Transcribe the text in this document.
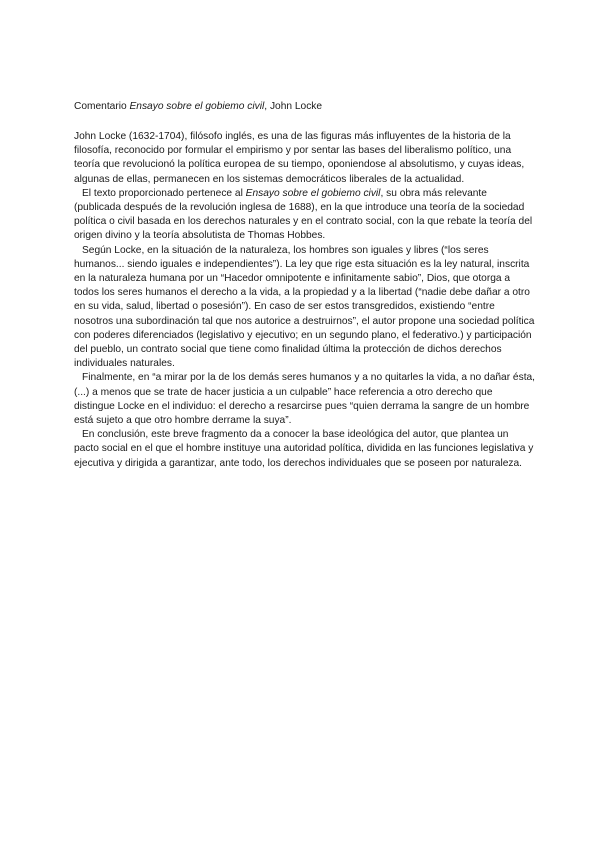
Comentario Ensayo sobre el gobiemo civil, John Locke

John Locke (1632-1704), filósofo inglés, es una de las figuras más influyentes de la historia de la filosofía, reconocido por formular el empirismo y por sentar las bases del liberalismo político, una teoría que revolucionó la política europea de su tiempo, oponiendose al absolutismo, y cuyas ideas, algunas de ellas, permanecen en los sistemas democráticos liberales de la actualidad.

El texto proporcionado pertenece al Ensayo sobre el gobiemo civil, su obra más relevante (publicada después de la revolución inglesa de 1688), en la que introduce una teoría de la sociedad política o civil basada en los derechos naturales y en el contrato social, con la que rebate la teoría del origen divino y la teoría absolutista de Thomas Hobbes.

Según Locke, en la situación de la naturaleza, los hombres son iguales y libres (“los seres humanos... siendo iguales e independientes”). La ley que rige esta situación es la ley natural, inscrita en la naturaleza humana por un “Hacedor omnipotente e infinitamente sabio”, Dios, que otorga a todos los seres humanos el derecho a la vida, a la propiedad y a la libertad (“nadie debe dañar a otro en su vida, salud, libertad o posesión”). En caso de ser estos transgredidos, existiendo “entre nosotros una subordinación tal que nos autorice a destruirnos”, el autor propone una sociedad política con poderes diferenciados (legislativo y ejecutivo; en un segundo plano, el federativo.) y participación del pueblo, un contrato social que tiene como finalidad última la protección de dichos derechos individuales naturales.

Finalmente, en “a mirar por la de los demás seres humanos y a no quitarles la vida, a no dañar ésta, (...) a menos que se trate de hacer justicia a un culpable” hace referencia a otro derecho que distingue Locke en el individuo: el derecho a resarcirse pues “quien derrama la sangre de un hombre está sujeto a que otro hombre derrame la suya”.

En conclusión, este breve fragmento da a conocer la base ideológica del autor, que plantea un pacto social en el que el hombre instituye una autoridad política, dividida en las funciones legislativa y ejecutiva y dirigida a garantizar, ante todo, los derechos individuales que se poseen por naturaleza.
